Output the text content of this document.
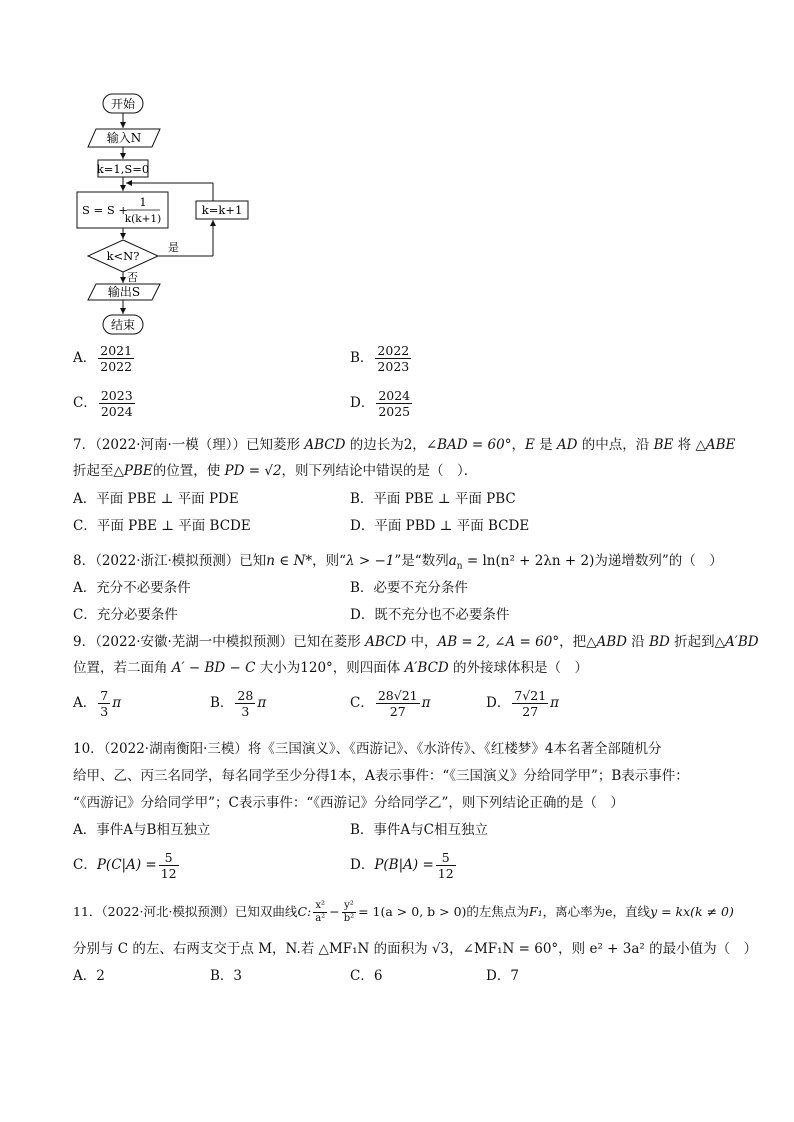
开始
输入N
k=1,S=0
S = S +
1
k(k+1)
k<N?
是
k=k+1
否
输出S
结束
A． $\frac{2021}{2022}$	B． $\frac{2022}{2023}$
C． $\frac{2023}{2024}$	D． $\frac{2024}{2025}$
7．（2022·河南·一模（理））已知菱形 ABCD 的边长为2，∠BAD = 60°，E 是 AD 的中点，沿 BE 将 △ABE
折起至△PBE的位置，使 PD = √2，则下列结论中错误的是（　）．
A．平面 PBE ⊥ 平面 PDE	B．平面 PBE ⊥ 平面 PBC
C．平面 PBE ⊥ 平面 BCDE	D．平面 PBD ⊥ 平面 BCDE
8．（2022·浙江·模拟预测）已知n ∈ N*，则“λ > −1”是“数列$a_n = \ln(n^2 + 2\lambda n + 2)$为递增数列”的（　）
A．充分不必要条件	B．必要不充分条件
C．充分必要条件	D．既不充分也不必要条件
9．（2022·安徽·芜湖一中模拟预测）已知在菱形 ABCD 中，AB = 2, ∠A = 60°，把△ABD 沿 BD 折起到△A′BD
位置，若二面角 A′ − BD − C 大小为120°，则四面体 A′BCD 的外接球体积是（　）
A． $\frac{7}{3}$ π	B． $\frac{28}{3}$ π	C． $\frac{28√21}{27}$ π	D． $\frac{7√21}{27}$ π
10．（2022·湖南衡阳·三模）将《三国演义》、《西游记》、《水浒传》、《红楼梦》4本名著全部随机分
给甲、乙、丙三名同学，每名同学至少分得1本，A表示事件：“《三国演义》分给同学甲”；B表示事件：
“《西游记》分给同学甲”；C表示事件：“《西游记》分给同学乙”，则下列结论正确的是（　）
A．事件A与B相互独立	B．事件A与C相互独立
C．$P(C|A) = \frac{5}{12}$	D．$P(B|A) = \frac{5}{12}$
11．（2022·河北·模拟预测）已知双曲线C: $\frac{\text{x²}}{\text{a²}} - \frac{\text{y²}}{\text{b²}} = 1(a > 0$, b > 0)的左焦点为F₁，离心率为e，直线y = kx(k ≠ 0)
分别与 C 的左、右两支交于点 M，N.若 △MF₁N 的面积为 √3，∠MF₁N = 60°，则 e² + 3a² 的最小值为（　）
A．2	B．3	C．6	D．7
